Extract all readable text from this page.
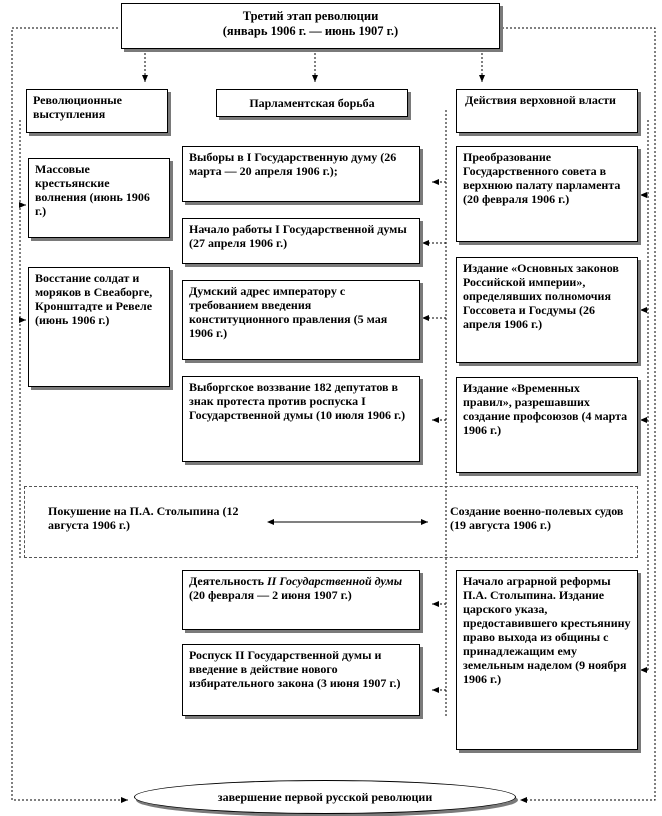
Третий этап революции
(январь 1906 г. — июнь 1907 г.)
Революционные выступления
Парламентская борьба	Действия верховной власти
Массовые крестьянские волнения (июнь 1906 г.)
Восстание солдат и моряков в Свеаборге, Кронштадте и Ревеле (июнь 1906 г.)
Выборы в I Государственную думу (26 марта — 20 апреля 1906 г.);
Начало работы I Государственной думы (27 апреля 1906 г.)
Думский адрес императору с требованием введения конституционного правления (5 мая 1906 г.)
Выборгское воззвание 182 депутатов в знак протеста против роспуска I Государственной думы (10 июля 1906 г.)
Преобразование Государственного совета в верхнюю палату парламента (20 февраля 1906 г.)
Издание «Основных законов Российской империи», определявших полномочия Госсовета и Госдумы (26 апреля 1906 г.)
Издание «Временных правил», разрешавших создание профсоюзов (4 марта 1906 г.)
Покушение на П.А. Столыпина (12 августа 1906 г.)
Создание военно-полевых судов (19 августа 1906 г.)
Деятельность II Государственной думы (20 февраля — 2 июня 1907 г.)
Роспуск II Государственной думы и введение в действие нового избирательного закона (3 июня 1907 г.)
Начало аграрной реформы П.А. Столыпина. Издание царского указа, предоставившего крестьянину право выхода из общины с принадлежащим ему земельным наделом (9 ноября 1906 г.)
завершение первой русской революции
